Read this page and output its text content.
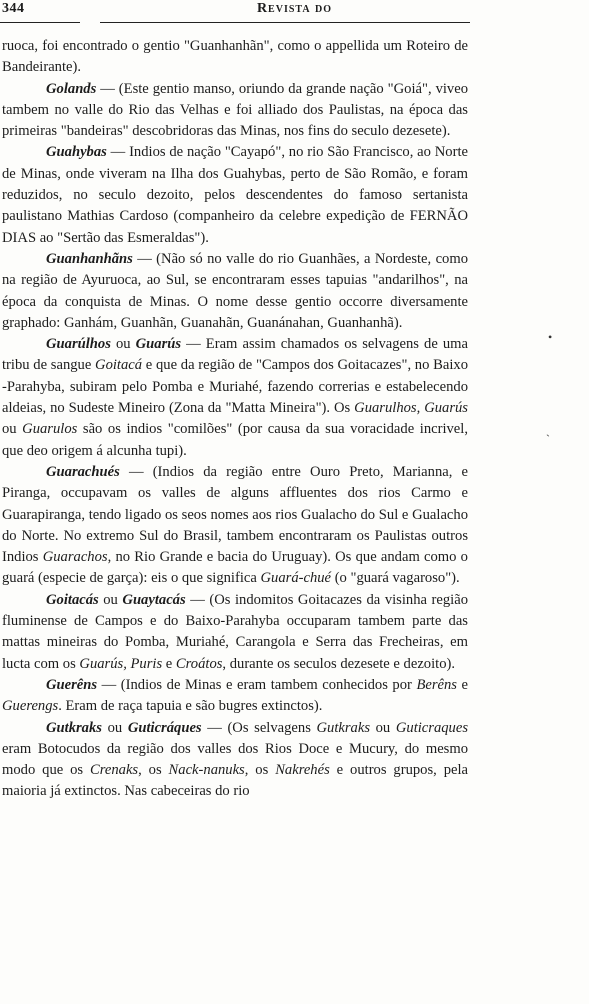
344	Revista do

ruoca, foi encontrado o gentio "Guanhanhãn", como o appellida um Roteiro de Bandeirante).

Golands — (Este gentio manso, oriundo da grande nação "Goiá", viveo tambem no valle do Rio das Velhas e foi alliado dos Paulistas, na época das primeiras "bandeiras" descobridoras das Minas, nos fins do seculo dezesete).

Guahybas — Indios de nação "Cayapó", no rio São Francisco, ao Norte de Minas, onde viveram na Ilha dos Guahybas, perto de São Romão, e foram reduzidos, no seculo dezoito, pelos descendentes do famoso sertanista paulistano Mathias Cardoso (companheiro da celebre expedição de FERNÃO DIAS ao "Sertão das Esmeraldas").

Guanhanhãns — (Não só no valle do rio Guanhães, a Nordeste, como na região de Ayuruoca, ao Sul, se encontraram esses tapuias "andarilhos", na época da conquista de Minas. O nome desse gentio occorre diversamente graphado: Ganhám, Guanhãn, Guanahãn, Guanánahan, Guanhanhã).

Guarúlhos ou Guarús — Eram assim chamados os selvagens de uma tribu de sangue Goitacá e que da região de "Campos dos Goitacazes", no Baixo -Parahyba, subiram pelo Pomba e Muriahé, fazendo correrias e estabelecendo aldeias, no Sudeste Mineiro (Zona da "Matta Mineira"). Os Guarulhos, Guarús ou Guarulos são os indios "comilões" (por causa da sua voracidade incrivel, que deo origem á alcunha tupi).

Guarachués — (Indios da região entre Ouro Preto, Marianna, e Piranga, occupavam os valles de alguns affluentes dos rios Carmo e Guarapiranga, tendo ligado os seos nomes aos rios Gualacho do Sul e Gualacho do Norte. No extremo Sul do Brasil, tambem encontraram os Paulistas outros Indios Guarachos, no Rio Grande e bacia do Uruguay). Os que andam como o guará (especie de garça): eis o que significa Guará-chué (o "guará vagaroso").

Goitacás ou Guaytacás — (Os indomitos Goitacazes da visinha região fluminense de Campos e do Baixo-Parahyba occuparam tambem parte das mattas mineiras do Pomba, Muriahé, Carangola e Serra das Frecheiras, em lucta com os Guarús, Puris e Croátos, durante os seculos dezesete e dezoito).

Guerêns — (Indios de Minas e eram tambem conhecidos por Berêns e Guerengs. Eram de raça tapuia e são bugres extinctos).

Gutkraks ou Guticráques — (Os selvagens Gutkraks ou Guticraques eram Botocudos da região dos valles dos Rios Doce e Mucury, do mesmo modo que os Crenaks, os Nack-nanuks, os Nakrehés e outros grupos, pela maioria já extinctos. Nas cabeceiras do rio

•
ˋ
